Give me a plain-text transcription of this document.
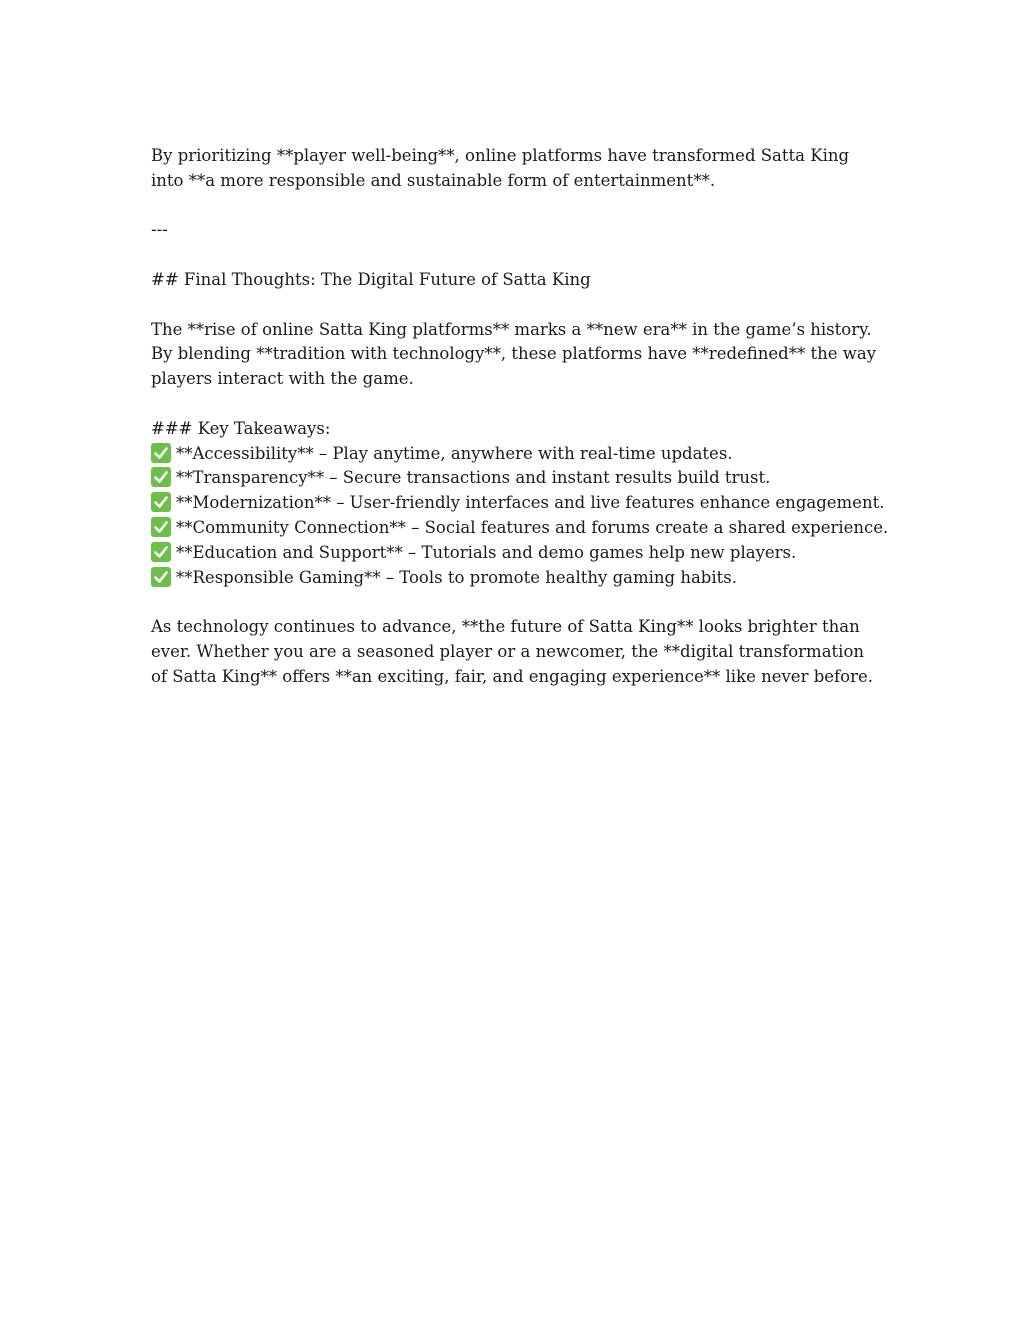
By prioritizing **player well-being**, online platforms have transformed Satta King into **a more responsible and sustainable form of entertainment**.

---

## Final Thoughts: The Digital Future of Satta King

The **rise of online Satta King platforms** marks a **new era** in the game’s history. By blending **tradition with technology**, these platforms have **redefined** the way players interact with the game.

### Key Takeaways:

**Accessibility** – Play anytime, anywhere with real-time updates.
**Transparency** – Secure transactions and instant results build trust.
**Modernization** – User-friendly interfaces and live features enhance engagement.
**Community Connection** – Social features and forums create a shared experience.
**Education and Support** – Tutorials and demo games help new players.
**Responsible Gaming** – Tools to promote healthy gaming habits.

As technology continues to advance, **the future of Satta King** looks brighter than ever. Whether you are a seasoned player or a newcomer, the **digital transformation of Satta King** offers **an exciting, fair, and engaging experience** like never before.
